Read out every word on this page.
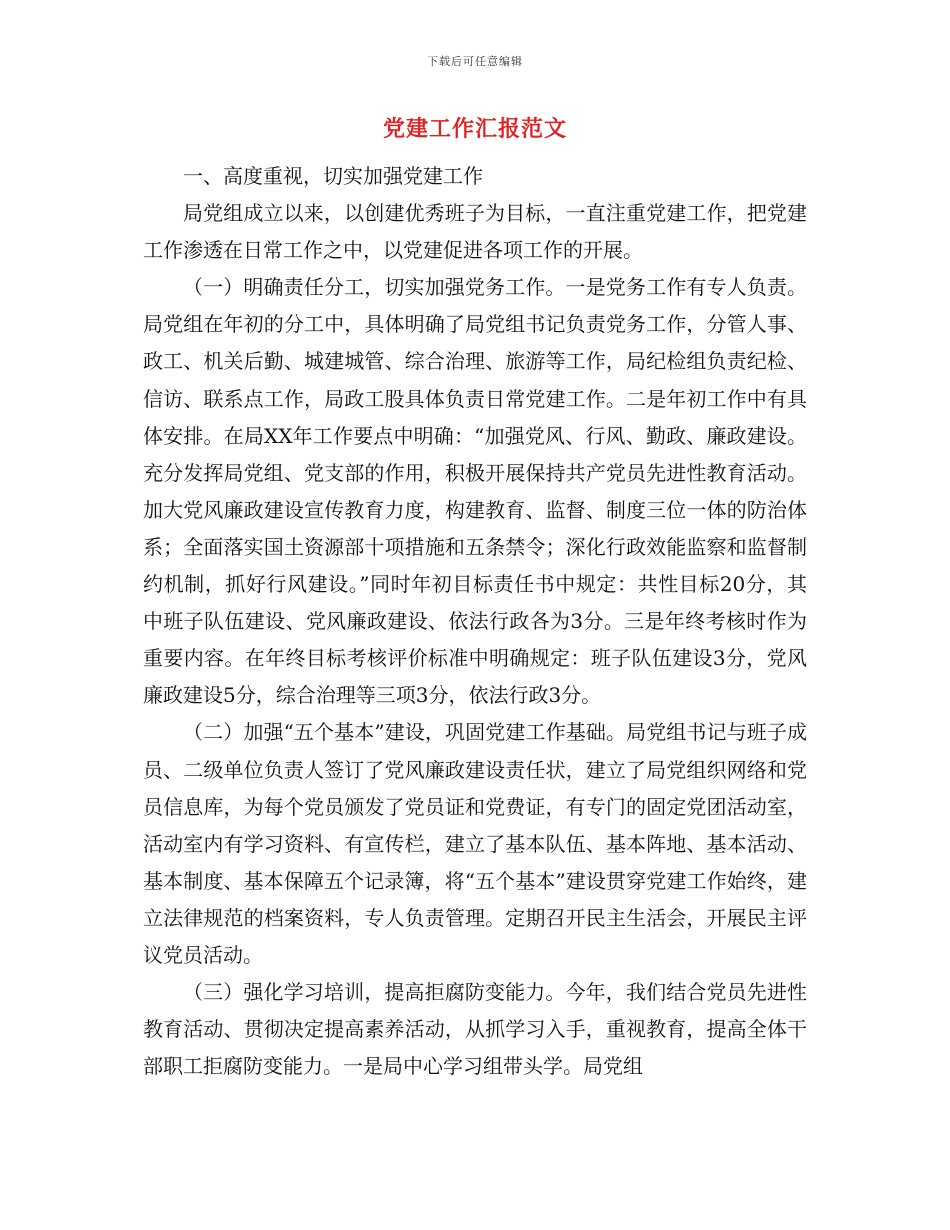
下载后可任意编辑
党建工作汇报范文

一、高度重视，切实加强党建工作

局党组成立以来，以创建优秀班子为目标，一直注重党建工作，把党建工作渗透在日常工作之中，以党建促进各项工作的开展。

（一）明确责任分工，切实加强党务工作。一是党务工作有专人负责。局党组在年初的分工中，具体明确了局党组书记负责党务工作，分管人事、政工、机关后勤、城建城管、综合治理、旅游等工作，局纪检组负责纪检、信访、联系点工作，局政工股具体负责日常党建工作。二是年初工作中有具体安排。在局XX年工作要点中明确：“加强党风、行风、勤政、廉政建设。充分发挥局党组、党支部的作用，积极开展保持共产党员先进性教育活动。加大党风廉政建设宣传教育力度，构建教育、监督、制度三位一体的防治体系；全面落实国土资源部十项措施和五条禁令；深化行政效能监察和监督制约机制，抓好行风建设。”同时年初目标责任书中规定：共性目标20分，其中班子队伍建设、党风廉政建设、依法行政各为3分。三是年终考核时作为重要内容。在年终目标考核评价标准中明确规定：班子队伍建设3分，党风廉政建设5分，综合治理等三项3分，依法行政3分。

（二）加强“五个基本”建设，巩固党建工作基础。局党组书记与班子成员、二级单位负责人签订了党风廉政建设责任状，建立了局党组织网络和党员信息库，为每个党员颁发了党员证和党费证，有专门的固定党团活动室，活动室内有学习资料、有宣传栏，建立了基本队伍、基本阵地、基本活动、基本制度、基本保障五个记录簿，将“五个基本”建设贯穿党建工作始终，建立法律规范的档案资料，专人负责管理。定期召开民主生活会，开展民主评议党员活动。

（三）强化学习培训，提高拒腐防变能力。今年，我们结合党员先进性教育活动、贯彻决定提高素养活动，从抓学习入手，重视教育，提高全体干部职工拒腐防变能力。一是局中心学习组带头学。局党组
